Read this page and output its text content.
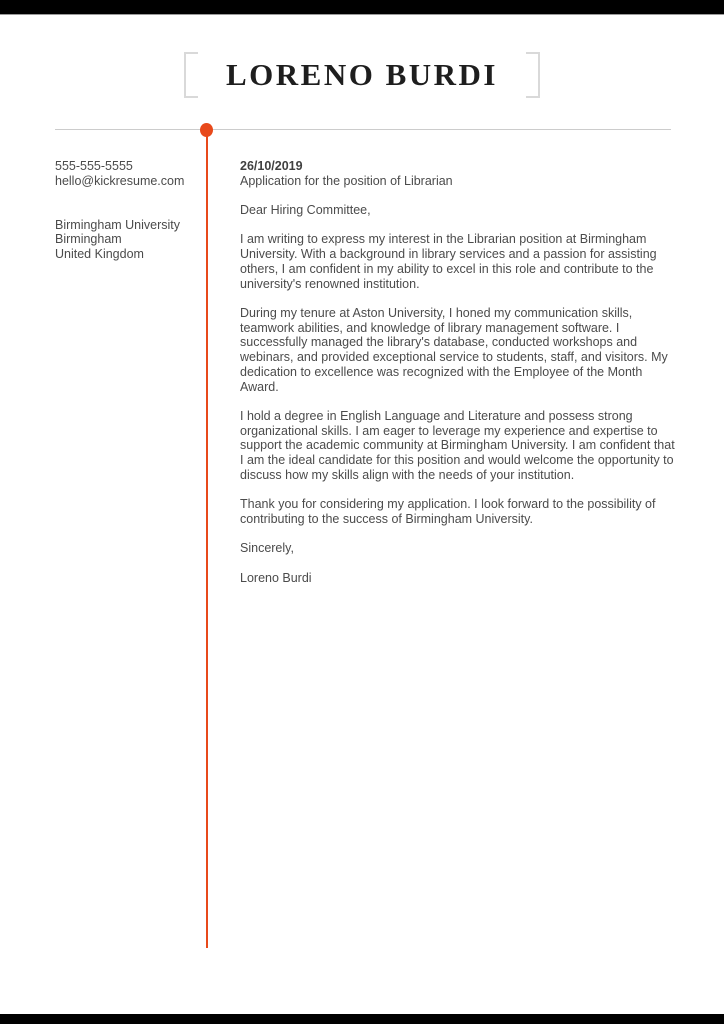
LORENO BURDI
555-555-5555
hello@kickresume.com
Birmingham University
Birmingham
United Kingdom
26/10/2019
Application for the position of Librarian

Dear Hiring Committee,

I am writing to express my interest in the Librarian position at Birmingham University. With a background in library services and a passion for assisting others, I am confident in my ability to excel in this role and contribute to the university's renowned institution.

During my tenure at Aston University, I honed my communication skills, teamwork abilities, and knowledge of library management software. I successfully managed the library's database, conducted workshops and webinars, and provided exceptional service to students, staff, and visitors. My dedication to excellence was recognized with the Employee of the Month Award.

I hold a degree in English Language and Literature and possess strong organizational skills. I am eager to leverage my experience and expertise to support the academic community at Birmingham University. I am confident that I am the ideal candidate for this position and would welcome the opportunity to discuss how my skills align with the needs of your institution.

Thank you for considering my application. I look forward to the possibility of contributing to the success of Birmingham University.

Sincerely,

Loreno Burdi
